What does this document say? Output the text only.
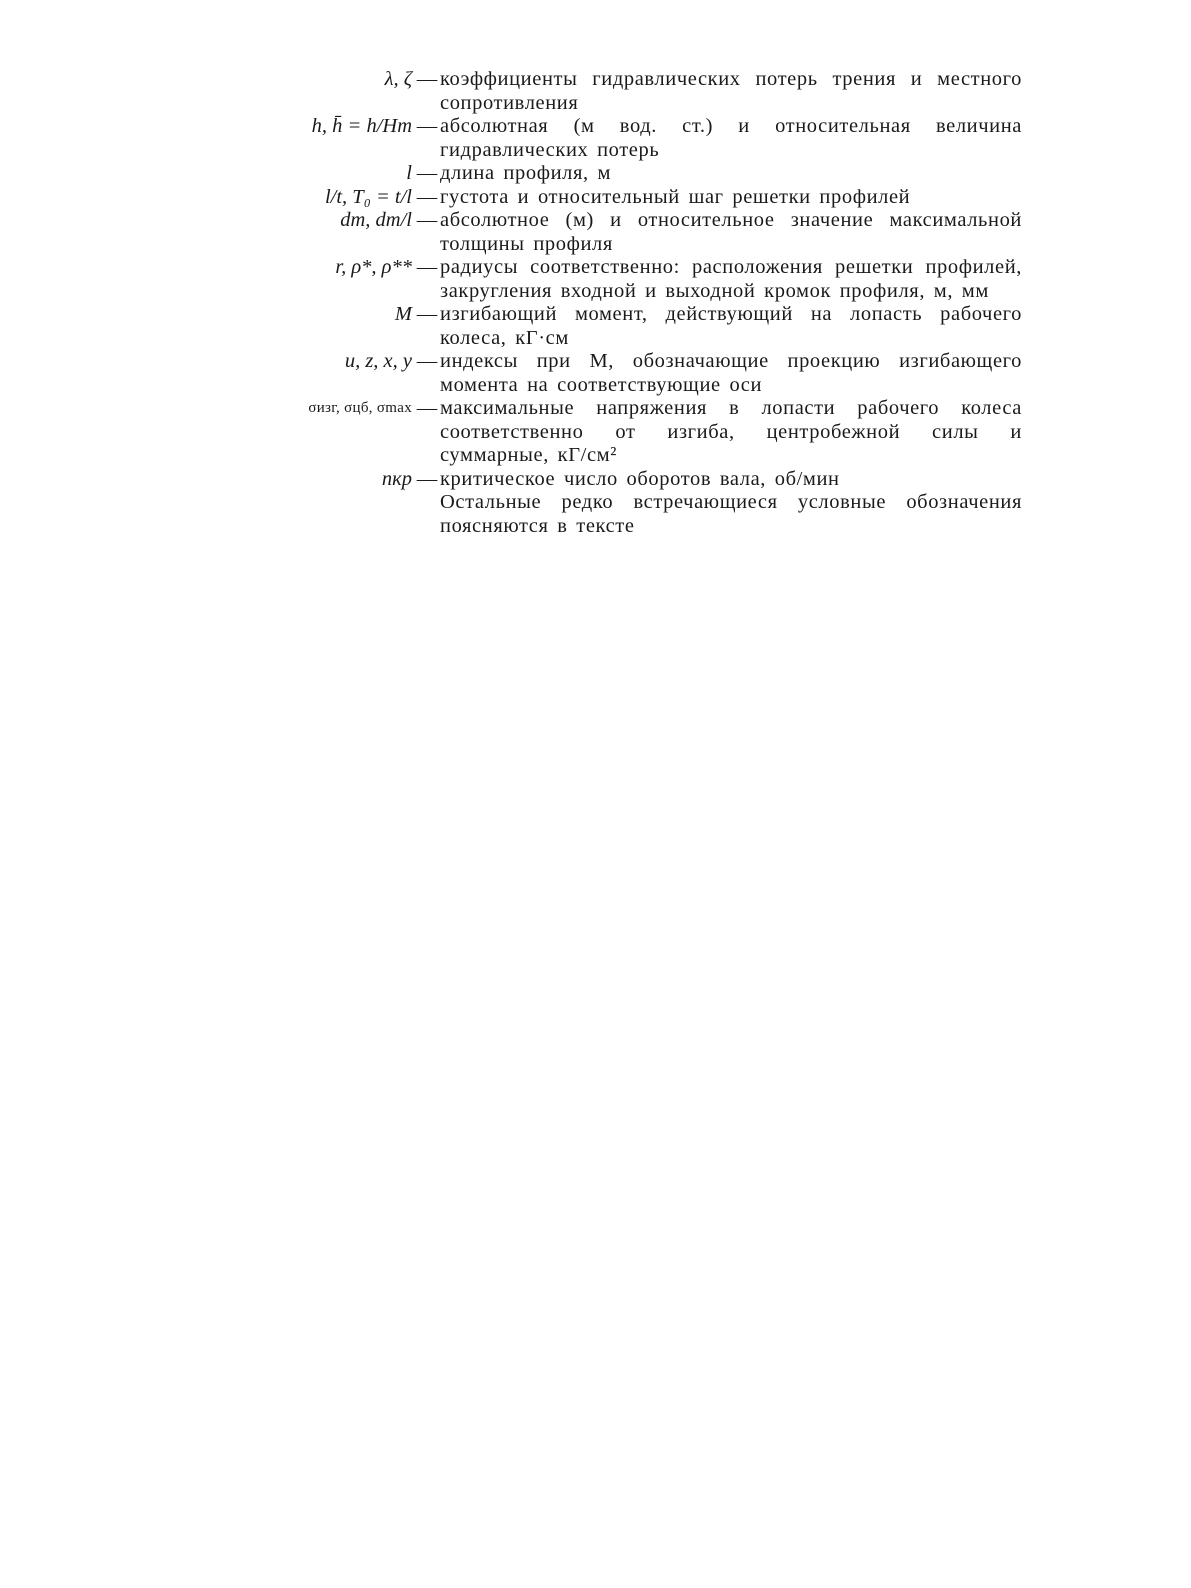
λ, ζ — коэффициенты гидравлических потерь трения и местного сопротивления
h, h̄ = h/Hт — абсолютная (м вод. ст.) и относительная величина гидравлических потерь
l — длина профиля, м
l/t, T₀ = t/l — густота и относительный шаг решетки профилей
dm, dm/l — абсолютное (м) и относительное значение максимальной толщины профиля
r, ρ*, ρ** — радиусы соответственно: расположения решетки профилей, закругления входной и выходной кромок профиля, м, мм
M — изгибающий момент, действующий на лопасть рабочего колеса, кГ·см
u, z, x, y — индексы при M, обозначающие проекцию изгибающего момента на соответствующие оси
σизг, σцб, σmax — максимальные напряжения в лопасти рабочего колеса соответственно от изгиба, центробежной силы и суммарные, кГ/см²
nкр — критическое число оборотов вала, об/мин
Остальные редко встречающиеся условные обозначения поясняются в тексте
